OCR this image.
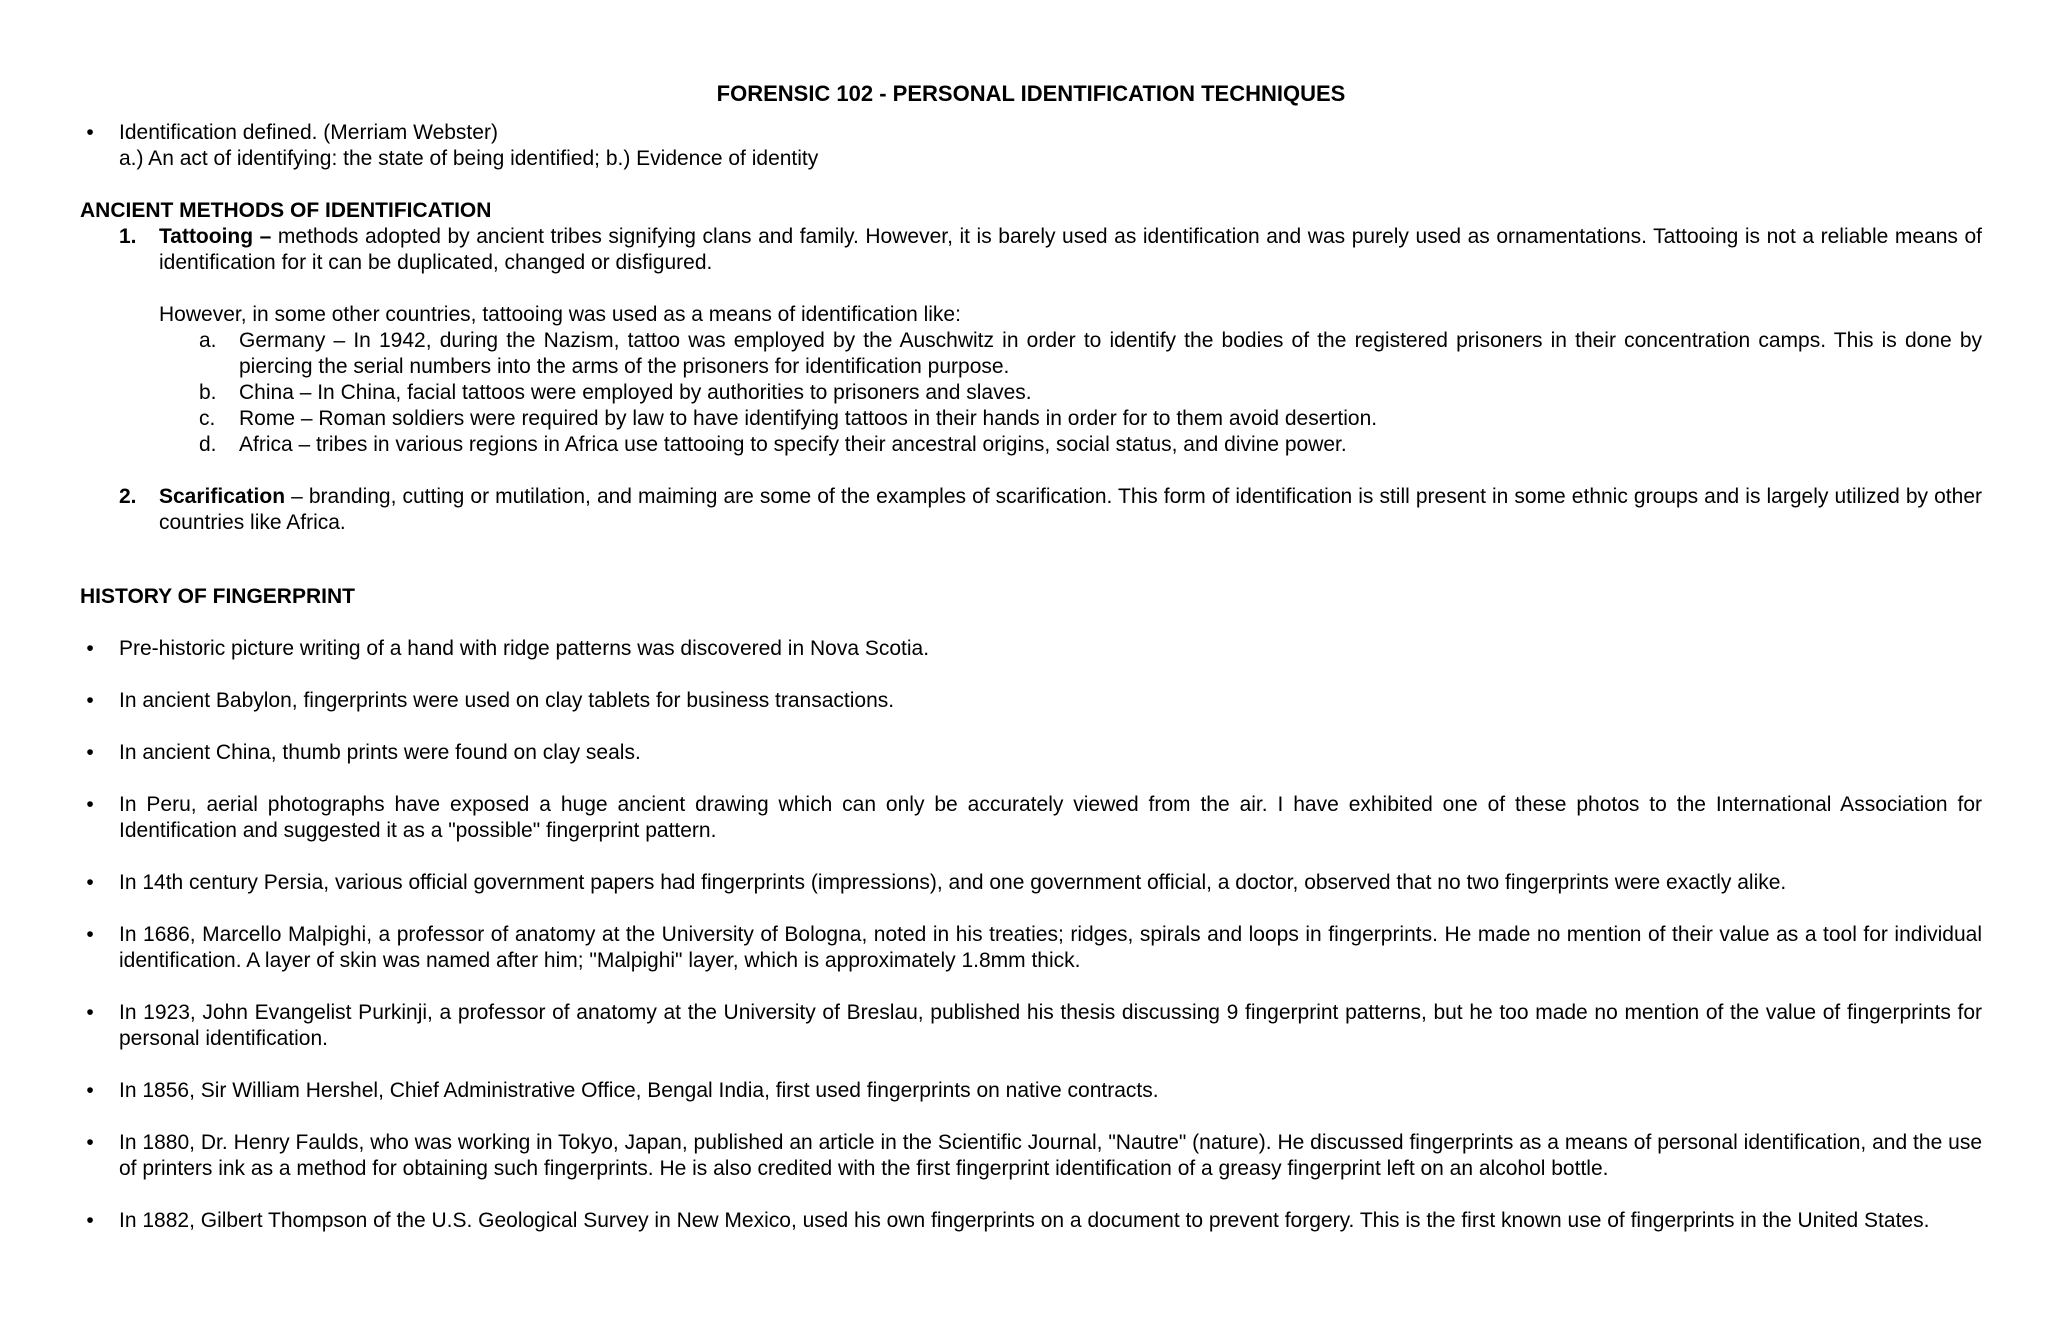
FORENSIC 102 - PERSONAL IDENTIFICATION TECHNIQUES
•	Identification defined. (Merriam Webster)
a.) An act of identifying: the state of being identified; b.) Evidence of identity
ANCIENT METHODS OF IDENTIFICATION
1. Tattooing – methods adopted by ancient tribes signifying clans and family. However, it is barely used as identification and was purely used as ornamentations. Tattooing is not a reliable means of identification for it can be duplicated, changed or disfigured.
However, in some other countries, tattooing was used as a means of identification like:
a. Germany – In 1942, during the Nazism, tattoo was employed by the Auschwitz in order to identify the bodies of the registered prisoners in their concentration camps. This is done by piercing the serial numbers into the arms of the prisoners for identification purpose.
b. China – In China, facial tattoos were employed by authorities to prisoners and slaves.
c. Rome – Roman soldiers were required by law to have identifying tattoos in their hands in order for to them avoid desertion.
d. Africa – tribes in various regions in Africa use tattooing to specify their ancestral origins, social status, and divine power.
2. Scarification – branding, cutting or mutilation, and maiming are some of the examples of scarification. This form of identification is still present in some ethnic groups and is largely utilized by other countries like Africa.
HISTORY OF FINGERPRINT
•	Pre-historic picture writing of a hand with ridge patterns was discovered in Nova Scotia.
•	In ancient Babylon, fingerprints were used on clay tablets for business transactions.
•	In ancient China, thumb prints were found on clay seals.
•	In Peru, aerial photographs have exposed a huge ancient drawing which can only be accurately viewed from the air. I have exhibited one of these photos to the International Association for Identification and suggested it as a "possible" fingerprint pattern.
•	In 14th century Persia, various official government papers had fingerprints (impressions), and one government official, a doctor, observed that no two fingerprints were exactly alike.
•	In 1686, Marcello Malpighi, a professor of anatomy at the University of Bologna, noted in his treaties; ridges, spirals and loops in fingerprints. He made no mention of their value as a tool for individual identification. A layer of skin was named after him; "Malpighi" layer, which is approximately 1.8mm thick.
•	In 1923, John Evangelist Purkinji, a professor of anatomy at the University of Breslau, published his thesis discussing 9 fingerprint patterns, but he too made no mention of the value of fingerprints for personal identification.
•	In 1856, Sir William Hershel, Chief Administrative Office, Bengal India, first used fingerprints on native contracts.
•	In 1880, Dr. Henry Faulds, who was working in Tokyo, Japan, published an article in the Scientific Journal, "Nautre" (nature). He discussed fingerprints as a means of personal identification, and the use of printers ink as a method for obtaining such fingerprints. He is also credited with the first fingerprint identification of a greasy fingerprint left on an alcohol bottle.
•	In 1882, Gilbert Thompson of the U.S. Geological Survey in New Mexico, used his own fingerprints on a document to prevent forgery. This is the first known use of fingerprints in the United States.
